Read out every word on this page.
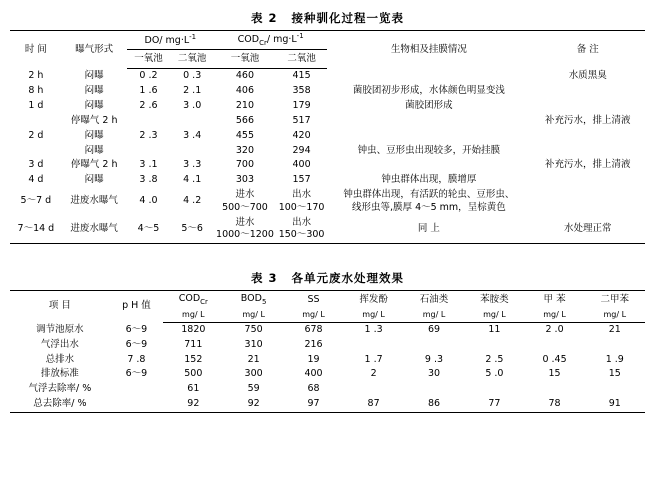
表 2 接种驯化过程一览表
时 间	曝气形式	DO/ $mg\cdot L^{-1}$		$COD_{Cr}/$ $mg\cdot L^{-1}$		生物相及挂膜情况	备 注
		一氧池	二氧池	一氧池	二氧池		
2 h	闷曝	0 .2	0 .3	460	415		水质黑臭
8 h	闷曝	1 .6	2 .1	406	358	菌胶团初步形成，水体颜色明显变浅	
1 d	闷曝	2 .6	3 .0	210	179	菌胶团形成	
	停曝气 2 h			566	517		补充污水，排上清液
2 d	闷曝	2 .3	3 .4	455	420		
	闷曝			320	294	钟虫、豆形虫出现较多，开始挂膜	
3 d	停曝气 2 h	3 .1	3 .3	700	400		补充污水，排上清液
4 d	闷曝	3 .8	4 .1	303	157	钟虫群体出现，膜增厚	
5～7 d	进废水曝气	4 .0	4 .2	进水
500～700	出水
100～170	钟虫群体出现，有活跃的轮虫、豆形虫、
线形虫等,膜厚 4～5 mm，呈棕黄色	
7～14 d	进废水曝气	4～5	5～6	进水
1000～1200	出水
150～300	同 上	水处理正常
表 3 各单元废水处理效果
项 目	p H 值	$COD_{Cr}$	$BOD_5$	SS	挥发酚	石油类	苯胺类	甲 苯	二甲苯
		mg/ L	mg/ L	mg/ L	mg/ L	mg/ L	mg/ L	mg/ L	mg/ L
调节池原水	6～9	1820	750	678	1 .3	69	11	2 .0	21
气浮出水	6～9	711	310	216					
总排水	7 .8	152	21	19	1 .7	9 .3	2 .5	0 .45	1 .9
排放标准	6～9	500	300	400	2	30	5 .0	15	15
气浮去除率/ %		61	59	68					
总去除率/ %		92	92	97	87	86	77	78	91
